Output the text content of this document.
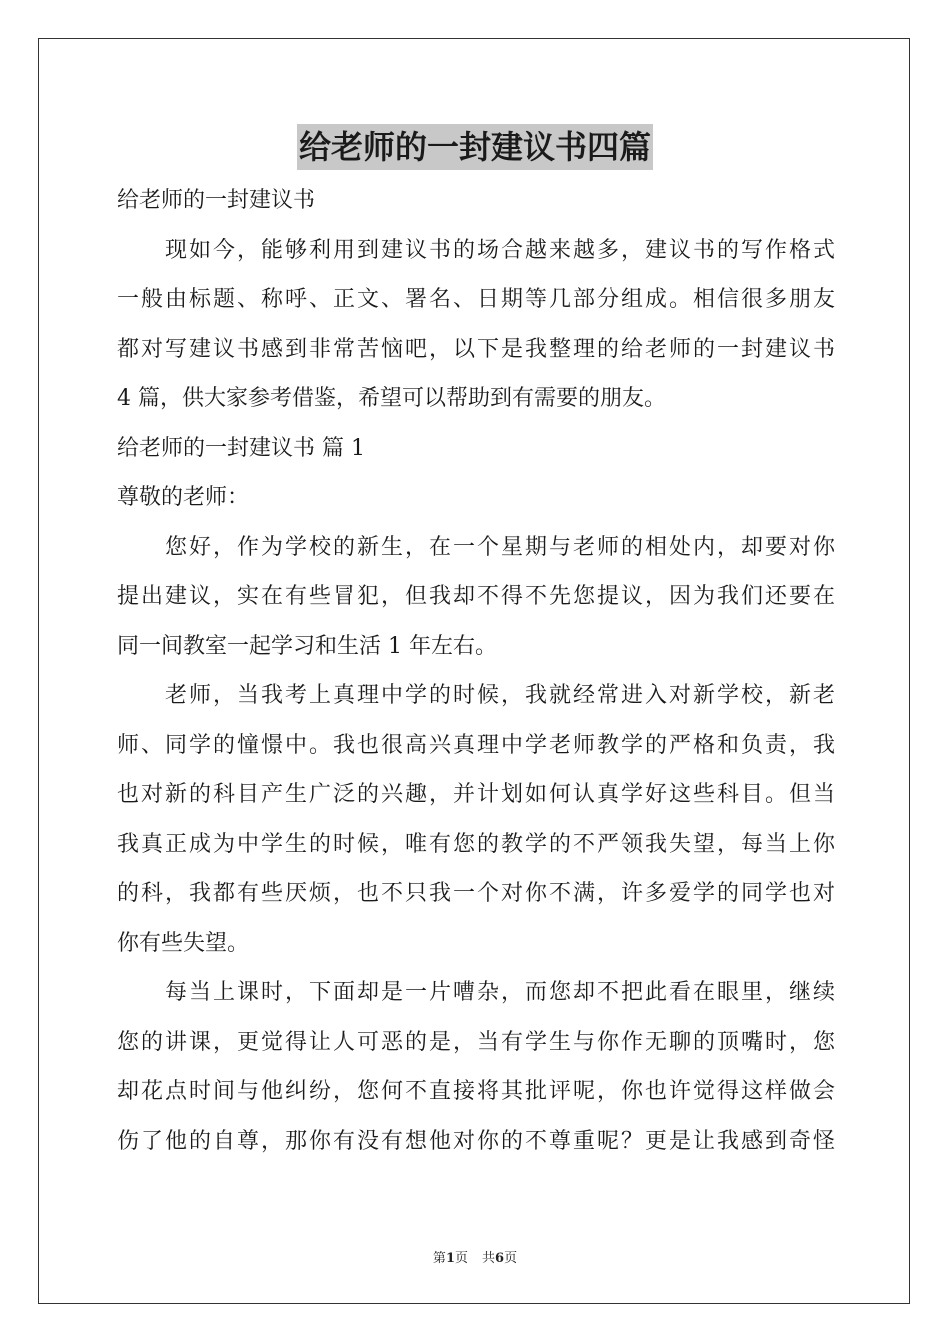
给老师的一封建议书四篇
给老师的一封建议书
现如今，能够利用到建议书的场合越来越多，建议书的写作格式
一般由标题、称呼、正文、署名、日期等几部分组成。相信很多朋友
都对写建议书感到非常苦恼吧，以下是我整理的给老师的一封建议书
4 篇，供大家参考借鉴，希望可以帮助到有需要的朋友。
给老师的一封建议书 篇 1
尊敬的老师：
您好，作为学校的新生，在一个星期与老师的相处内，却要对你
提出建议，实在有些冒犯，但我却不得不先您提议，因为我们还要在
同一间教室一起学习和生活 1 年左右。
老师，当我考上真理中学的时候，我就经常进入对新学校，新老
师、同学的憧憬中。我也很高兴真理中学老师教学的严格和负责，我
也对新的科目产生广泛的兴趣，并计划如何认真学好这些科目。但当
我真正成为中学生的时候，唯有您的教学的不严领我失望，每当上你
的科，我都有些厌烦，也不只我一个对你不满，许多爱学的同学也对
你有些失望。
每当上课时，下面却是一片嘈杂，而您却不把此看在眼里，继续
您的讲课，更觉得让人可恶的是，当有学生与你作无聊的顶嘴时，您
却花点时间与他纠纷，您何不直接将其批评呢，你也许觉得这样做会
伤了他的自尊，那你有没有想他对你的不尊重呢？更是让我感到奇怪
第1页 共6页
